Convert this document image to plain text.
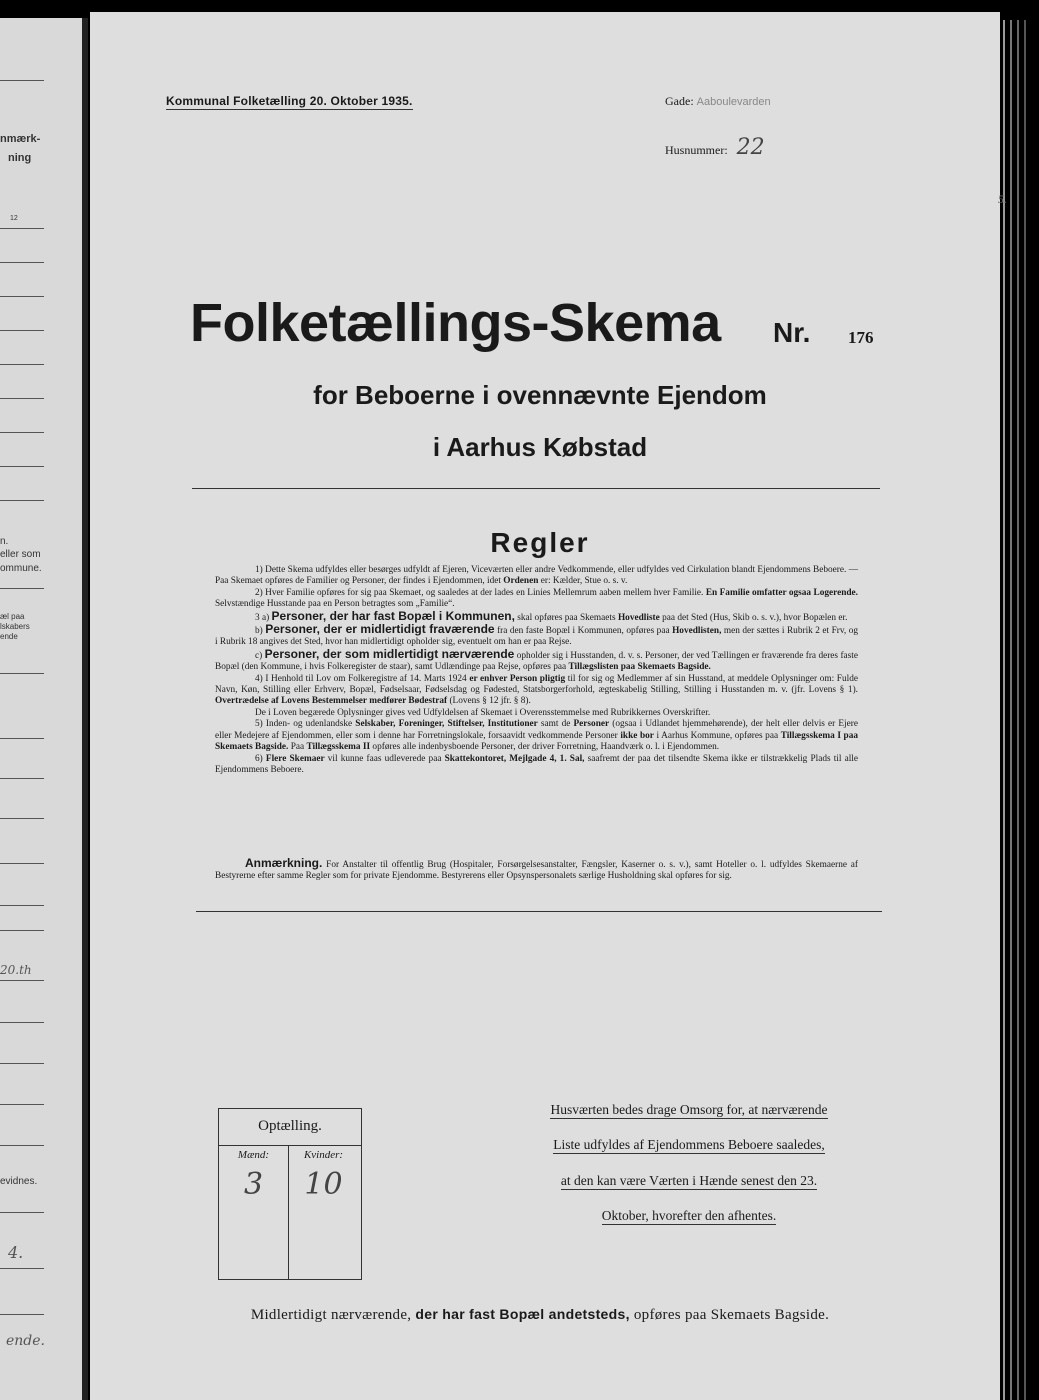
nmærk-
ning
12
n.
eller som
ommune.
æl paa
lskabers
ende
20.th
evidnes.
4.
ende.
Kommunal Folketælling 20. Oktober 1935.	Gade: Aaboulevarden
Husnummer: 22
5.
Folketællings-Skema Nr. 176
for Beboerne i ovennævnte Ejendom
i Aarhus Købstad
Regler

1) Dette Skema udfyldes eller besørges udfyldt af Ejeren, Viceværten eller andre Vedkommende, eller udfyldes ved Cirkulation blandt Ejendommens Beboere. — Paa Skemaet opføres de Familier og Personer, der findes i Ejendommen, idet Ordenen er: Kælder, Stue o. s. v.

2) Hver Familie opføres for sig paa Skemaet, og saaledes at der lades en Linies Mellemrum aaben mellem hver Familie. En Familie omfatter ogsaa Logerende. Selvstændige Husstande paa en Person betragtes som „Familie“.

3 a) Personer, der har fast Bopæl i Kommunen, skal opføres paa Skemaets Hovedliste paa det Sted (Hus, Skib o. s. v.), hvor Bopælen er.

b) Personer, der er midlertidigt fraværende fra den faste Bopæl i Kommunen, opføres paa Hovedlisten, men der sættes i Rubrik 2 et Frv, og i Rubrik 18 angives det Sted, hvor han midlertidigt opholder sig, eventuelt om han er paa Rejse.

c) Personer, der som midlertidigt nærværende opholder sig i Husstanden, d. v. s. Personer, der ved Tællingen er fraværende fra deres faste Bopæl (den Kommune, i hvis Folkeregister de staar), samt Udlændinge paa Rejse, opføres paa Tillægslisten paa Skemaets Bagside.

4) I Henhold til Lov om Folkeregistre af 14. Marts 1924 er enhver Person pligtig til for sig og Medlemmer af sin Husstand, at meddele Oplysninger om: Fulde Navn, Køn, Stilling eller Erhverv, Bopæl, Fødselsaar, Fødselsdag og Fødested, Statsborgerforhold, ægteskabelig Stilling, Stilling i Husstanden m. v. (jfr. Lovens § 1). Overtrædelse af Lovens Bestemmelser medfører Bødestraf (Lovens § 12 jfr. § 8).

De i Loven begærede Oplysninger gives ved Udfyldelsen af Skemaet i Overensstemmelse med Rubrikkernes Overskrifter.

5) Inden- og udenlandske Selskaber, Foreninger, Stiftelser, Institutioner samt de Personer (ogsaa i Udlandet hjemmehørende), der helt eller delvis er Ejere eller Medejere af Ejendommen, eller som i denne har Forretningslokale, forsaavidt vedkommende Personer ikke bor i Aarhus Kommune, opføres paa Tillægsskema I paa Skemaets Bagside. Paa Tillægsskema II opføres alle indenbysboende Personer, der driver Forretning, Haandværk o. l. i Ejendommen.

6) Flere Skemaer vil kunne faas udleverede paa Skattekontoret, Mejlgade 4, 1. Sal, saafremt der paa det tilsendte Skema ikke er tilstrækkelig Plads til alle Ejendommens Beboere.

Anmærkning. For Anstalter til offentlig Brug (Hospitaler, Forsørgelsesanstalter, Fængsler, Kaserner o. s. v.), samt Hoteller o. l. udfyldes Skemaerne af Bestyrerne efter samme Regler som for private Ejendomme. Bestyrerens eller Opsynspersonalets særlige Husholdning skal opføres for sig.

Optælling.
Mænd:	Kvinder:
3	10
Husværten bedes drage Omsorg for, at nærværende
Liste udfyldes af Ejendommens Beboere saaledes,
at den kan være Værten i Hænde senest den 23.
Oktober, hvorefter den afhentes.
Midlertidigt nærværende, der har fast Bopæl andetsteds, opføres paa Skemaets Bagside.
